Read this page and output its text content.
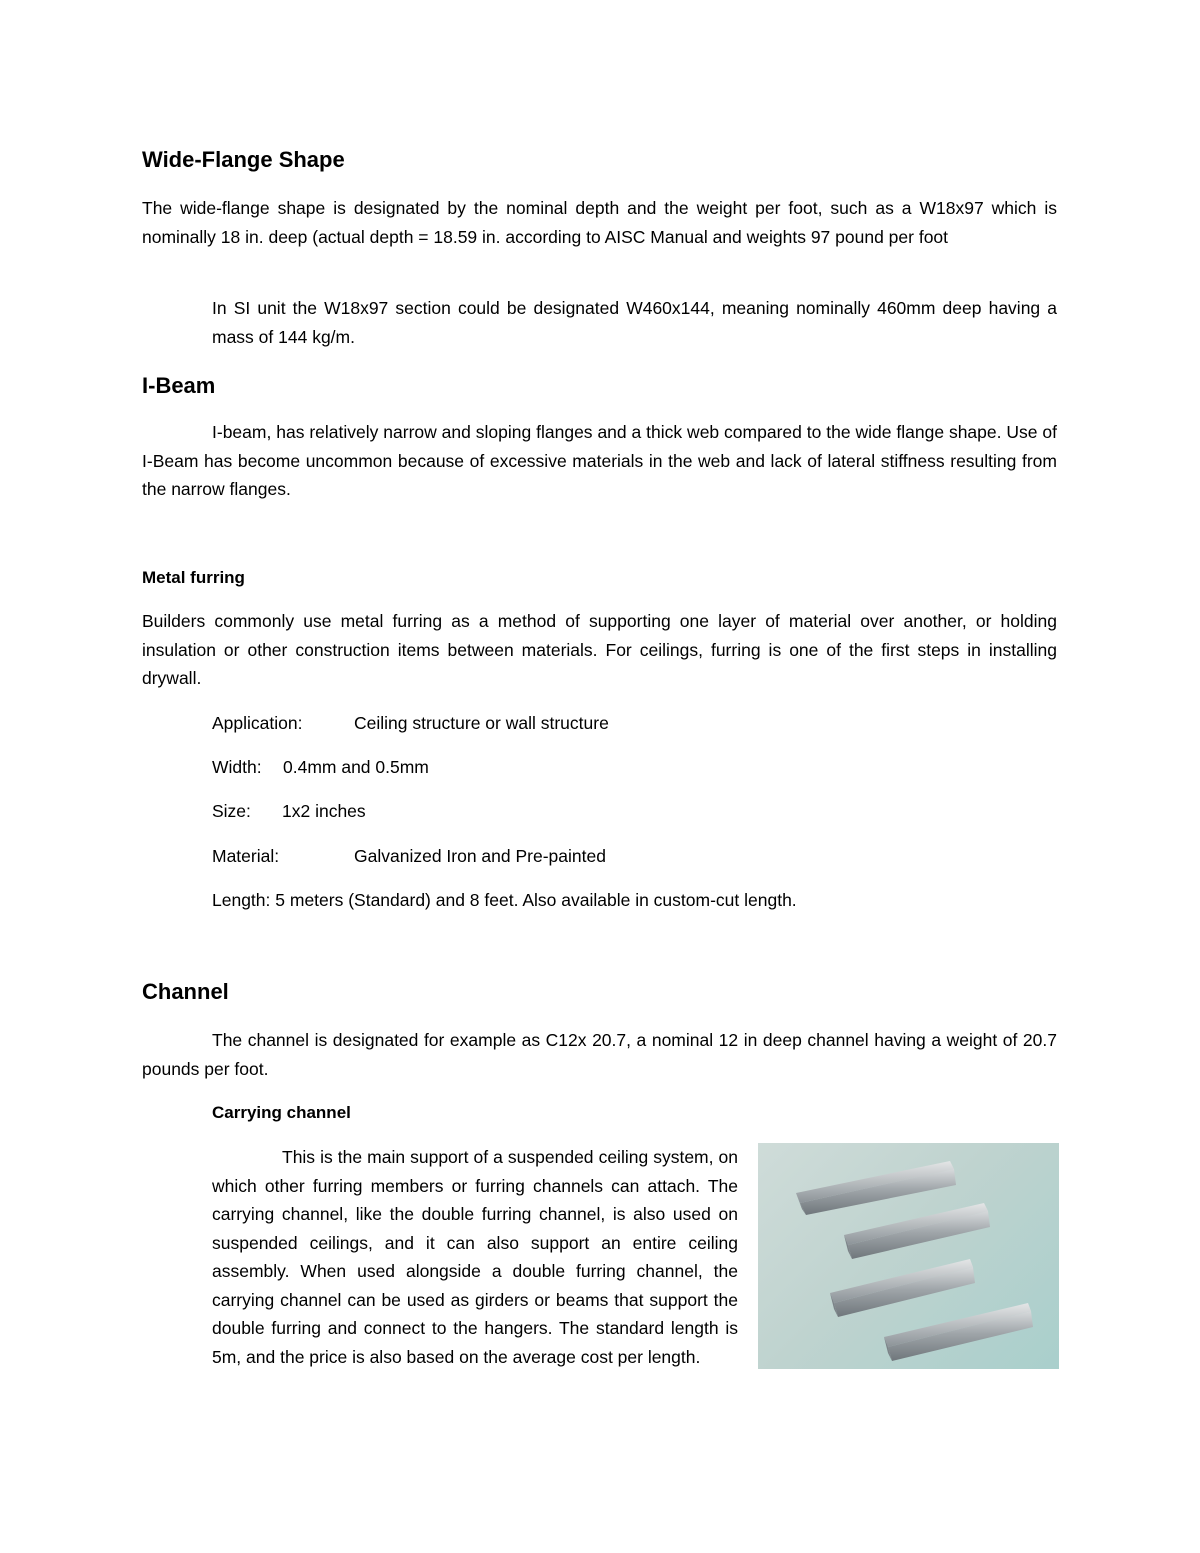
Wide-Flange Shape
The wide-flange shape is designated by the nominal depth and the weight per foot, such as a W18x97 which is nominally 18 in. deep (actual depth = 18.59 in. according to AISC Manual and weights 97 pound per foot
In SI unit the W18x97 section could be designated W460x144, meaning nominally 460mm deep having a mass of 144 kg/m.
I-Beam
I-beam, has relatively narrow and sloping flanges and a thick web compared to the wide flange shape. Use of I-Beam has become uncommon because of excessive materials in the web and lack of lateral stiffness resulting from the narrow flanges.
Metal furring
Builders commonly use metal furring as a method of supporting one layer of material over another, or holding insulation or other construction items between materials. For ceilings, furring is one of the first steps in installing drywall.
Application:	Ceiling structure or wall structure
Width: 0.4mm and 0.5mm
Size: 1x2 inches
Material:	Galvanized Iron and Pre-painted
Length: 5 meters (Standard) and 8 feet. Also available in custom-cut length.
Channel
The channel is designated for example as C12x 20.7, a nominal 12 in deep channel having a weight of 20.7 pounds per foot.
Carrying channel
This is the main support of a suspended ceiling system, on which other furring members or furring channels can attach. The carrying channel, like the double furring channel, is also used on suspended ceilings, and it can also support an entire ceiling assembly. When used alongside a double furring channel, the carrying channel can be used as girders or beams that support the double furring and connect to the hangers. The standard length is 5m, and the price is also based on the average cost per length.
